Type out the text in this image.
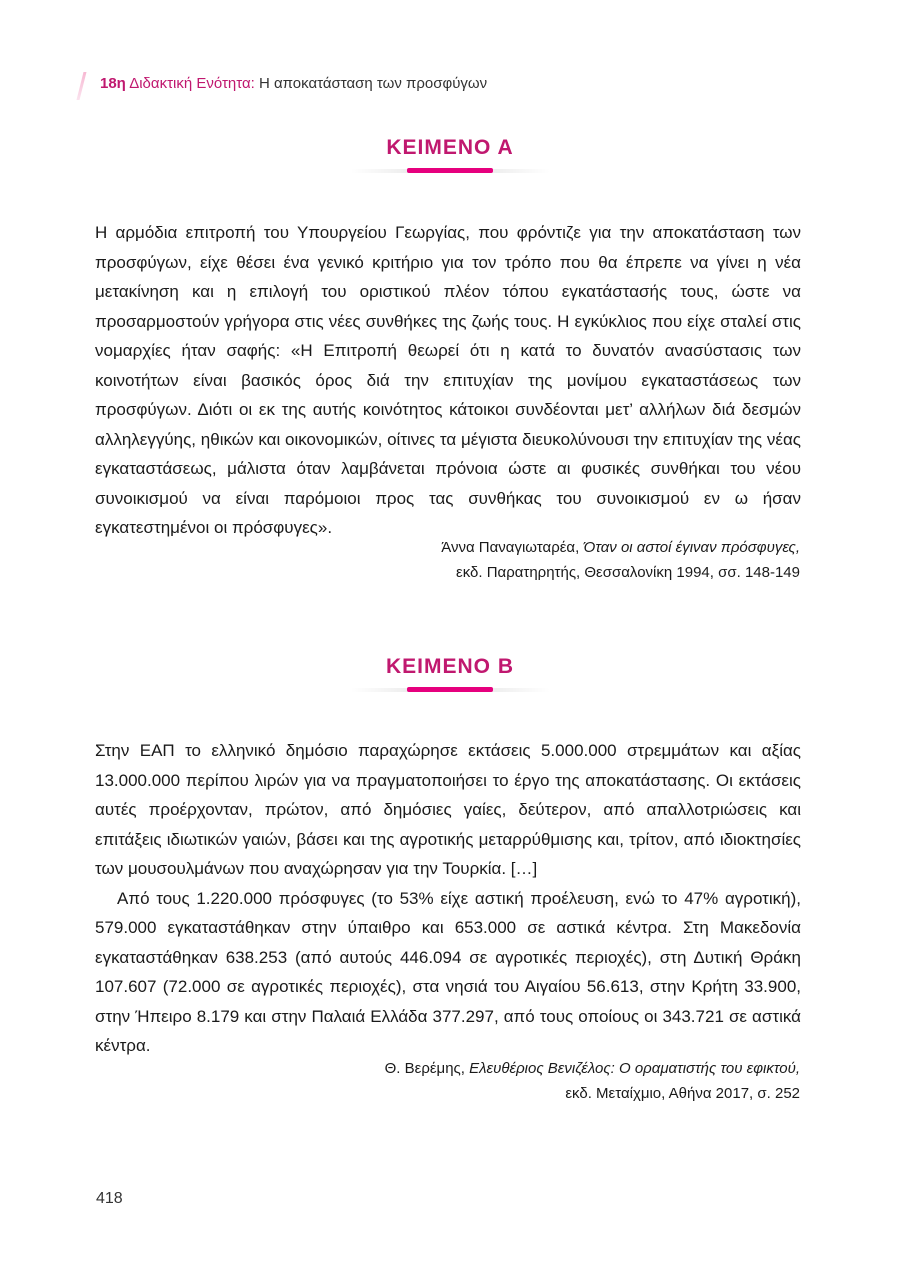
18η Διδακτική Ενότητα: Η αποκατάσταση των προσφύγων
ΚΕΙΜΕΝΟ Α

Η αρμόδια επιτροπή του Υπουργείου Γεωργίας, που φρόντιζε για την αποκατάσταση των προσφύγων, είχε θέσει ένα γενικό κριτήριο για τον τρόπο που θα έπρεπε να γίνει η νέα μετακίνηση και η επιλογή του οριστικού πλέον τόπου εγκατάστασής τους, ώστε να προσαρμοστούν γρήγορα στις νέες συνθήκες της ζωής τους. Η εγκύκλιος που είχε σταλεί στις νομαρχίες ήταν σαφής: «Η Επιτροπή θεωρεί ότι η κατά το δυνατόν ανασύστασις των κοινοτήτων είναι βασικός όρος διά την επιτυχίαν της μονίμου εγκαταστάσεως των προσφύγων. Διότι οι εκ της αυτής κοινότητος κάτοικοι συνδέονται μετ’ αλλήλων διά δεσμών αλληλεγγύης, ηθικών και οικονομικών, οίτινες τα μέγιστα διευκολύνουσι την επιτυχίαν της νέας εγκαταστάσεως, μάλιστα όταν λαμβάνεται πρόνοια ώστε αι φυσικές συνθήκαι του νέου συνοικισμού να είναι παρόμοιοι προς τας συνθήκας του συνοικισμού εν ω ήσαν εγκατεστημένοι οι πρόσφυγες».

Άννα Παναγιωταρέα, Όταν οι αστοί έγιναν πρόσφυγες,
εκδ. Παρατηρητής, Θεσσαλονίκη 1994, σσ. 148-149
ΚΕΙΜΕΝΟ Β

Στην ΕΑΠ το ελληνικό δημόσιο παραχώρησε εκτάσεις 5.000.000 στρεμμάτων και αξίας 13.000.000 περίπου λιρών για να πραγματοποιήσει το έργο της αποκατάστασης. Οι εκτάσεις αυτές προέρχονταν, πρώτον, από δημόσιες γαίες, δεύτερον, από απαλλοτριώσεις και επιτάξεις ιδιωτικών γαιών, βάσει και της αγροτικής μεταρρύθμισης και, τρίτον, από ιδιοκτησίες των μουσουλμάνων που αναχώρησαν για την Τουρκία. […]

Από τους 1.220.000 πρόσφυγες (το 53% είχε αστική προέλευση, ενώ το 47% αγροτική), 579.000 εγκαταστάθηκαν στην ύπαιθρο και 653.000 σε αστικά κέντρα. Στη Μακεδονία εγκαταστάθηκαν 638.253 (από αυτούς 446.094 σε αγροτικές περιοχές), στη Δυτική Θράκη 107.607 (72.000 σε αγροτικές περιοχές), στα νησιά του Αιγαίου 56.613, στην Κρήτη 33.900, στην Ήπειρο 8.179 και στην Παλαιά Ελλάδα 377.297, από τους οποίους οι 343.721 σε αστικά κέντρα.

Θ. Βερέμης, Ελευθέριος Βενιζέλος: Ο οραματιστής του εφικτού,
εκδ. Μεταίχμιο, Αθήνα 2017, σ. 252
418
